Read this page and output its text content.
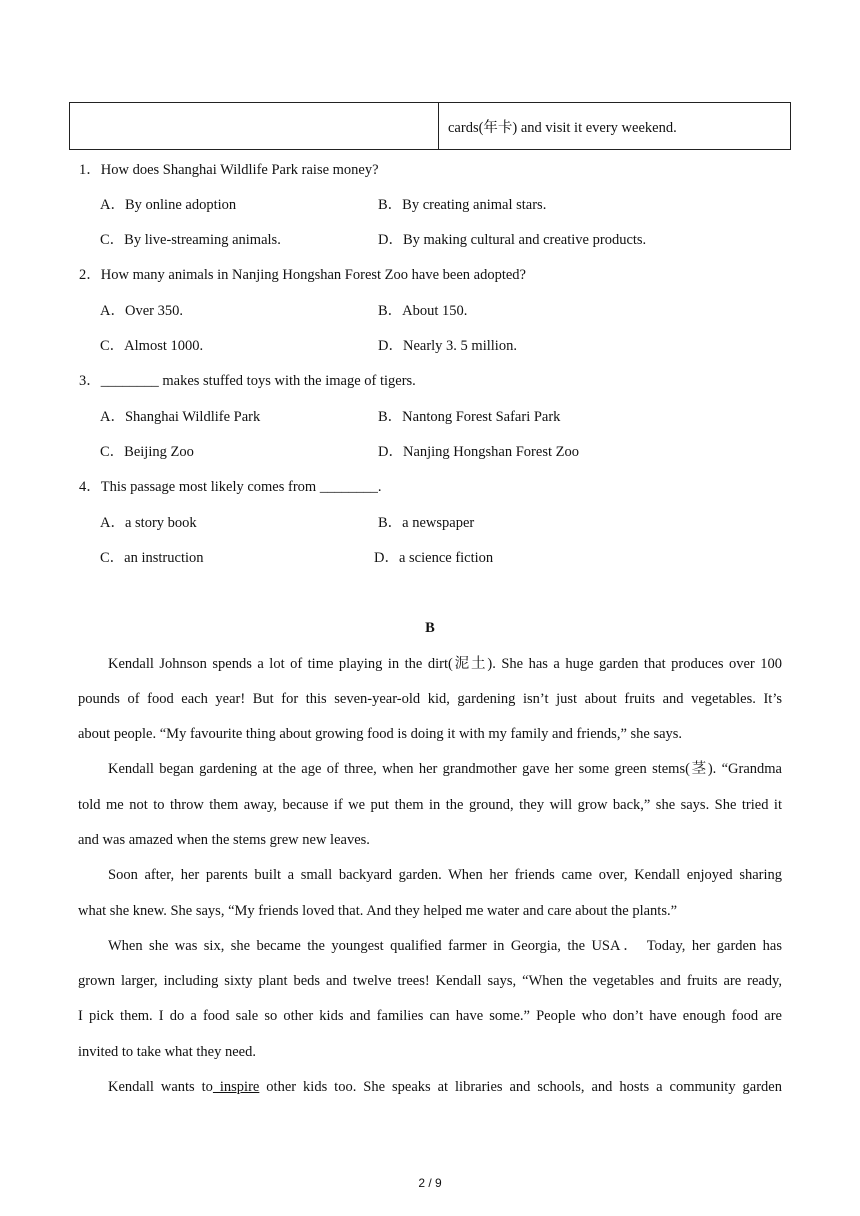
	cards(年卡) and visit it every weekend.
1．How does Shanghai Wildlife Park raise money?
A．By online adoption	B．By creating animal stars.
C．By live-streaming animals.	D．By making cultural and creative products.
2．How many animals in Nanjing Hongshan Forest Zoo have been adopted?
A．Over 350.	B．About 150.
C．Almost 1000.	D．Nearly 3. 5 million.
3．________ makes stuffed toys with the image of tigers.
A．Shanghai Wildlife Park	B．Nantong Forest Safari Park
C．Beijing Zoo	D．Nanjing Hongshan Forest Zoo
4．This passage most likely comes from ________.
A．a story book	B．a newspaper
C．an instruction	D．a science fiction
B
Kendall Johnson spends a lot of time playing in the dirt(泥土). She has a huge garden that produces over 100
pounds of food each year! But for this seven-year-old kid, gardening isn’t just about fruits and vegetables. It’s
about people. “My favourite thing about growing food is doing it with my family and friends,” she says.
Kendall began gardening at the age of three, when her grandmother gave her some green stems(茎). “Grandma
told me not to throw them away, because if we put them in the ground, they will grow back,” she says. She tried it
and was amazed when the stems grew new leaves.
Soon after, her parents built a small backyard garden. When her friends came over, Kendall enjoyed sharing
what she knew. She says, “My friends loved that. And they helped me water and care about the plants.”
When she was six, she became the youngest qualified farmer in Georgia, the USA． Today, her garden has
grown larger, including sixty plant beds and twelve trees! Kendall says, “When the vegetables and fruits are ready,
I pick them. I do a food sale so other kids and families can have some.” People who don’t have enough food are
invited to take what they need.
Kendall wants to inspire other kids too. She speaks at libraries and schools, and hosts a community garden
2 / 9
